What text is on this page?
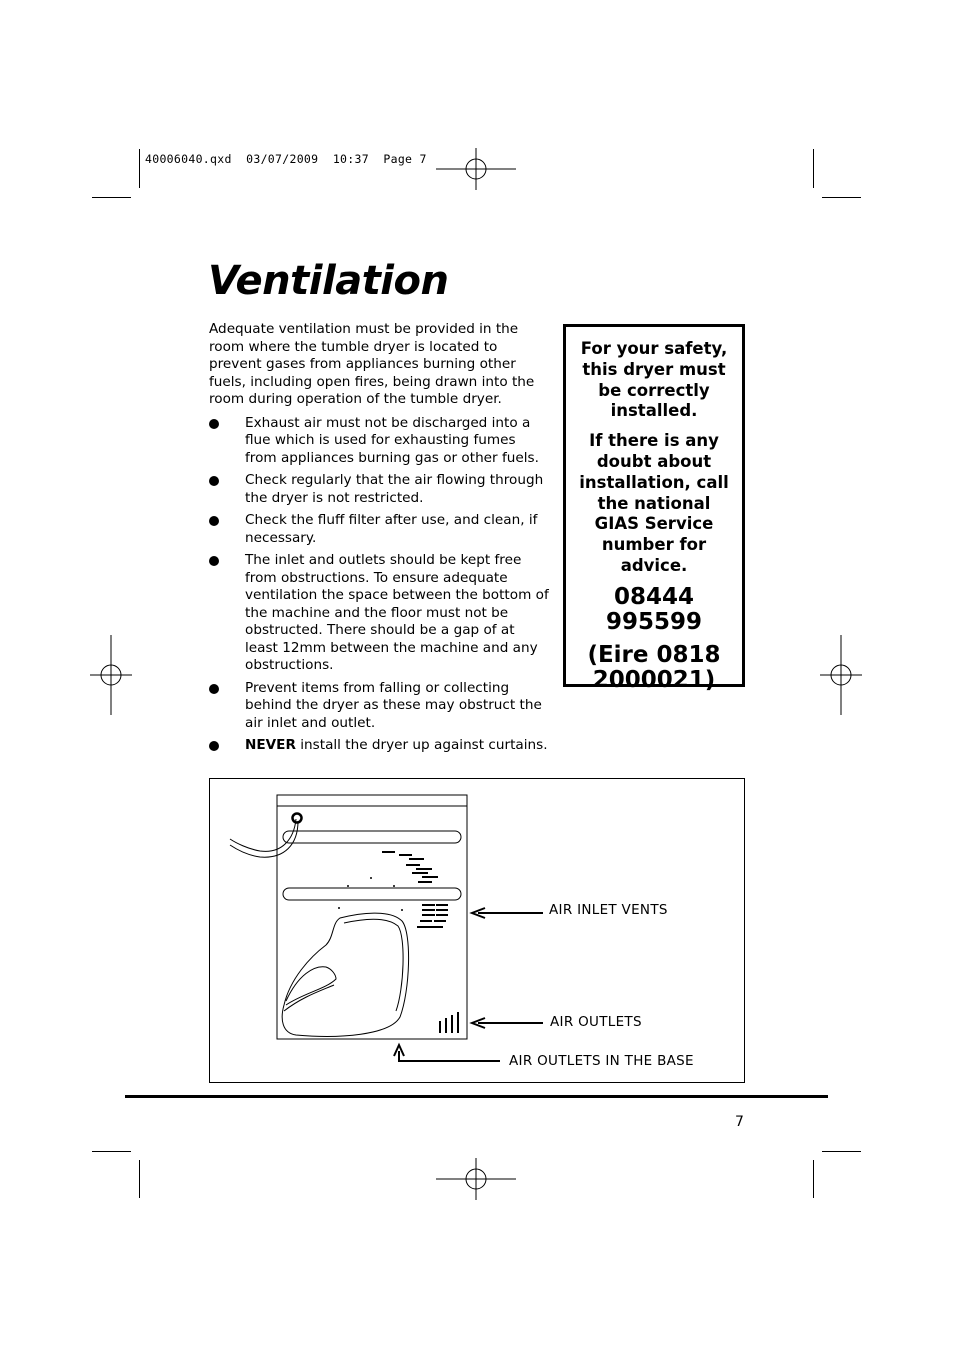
40006040.qxd  03/07/2009  10:37  Page 7
Ventilation

Adequate ventilation must be provided in the room where the tumble dryer is located to prevent gases from appliances burning other fuels, including open fires, being drawn into the room during operation of the tumble dryer.

Exhaust air must not be discharged into a flue which is used for exhausting fumes from appliances burning gas or other fuels.
Check regularly that the air flowing through the dryer is not restricted.
Check the fluff filter after use, and clean, if necessary.
The inlet and outlets should be kept free from obstructions. To ensure adequate ventilation the space between the bottom of the machine and the floor must not be obstructed. There should be a gap of at least 12mm between the machine and any obstructions.
Prevent items from falling or collecting behind the dryer as these may obstruct the air inlet and outlet.
NEVER install the dryer up against curtains.
For your safety, this dryer must be correctly installed.
If there is any doubt about installation, call the national GIAS Service number for advice.
08444 995599
(Eire 0818 2000021)
AIR INLET VENTS
AIR OUTLETS
AIR OUTLETS IN THE BASE
7
